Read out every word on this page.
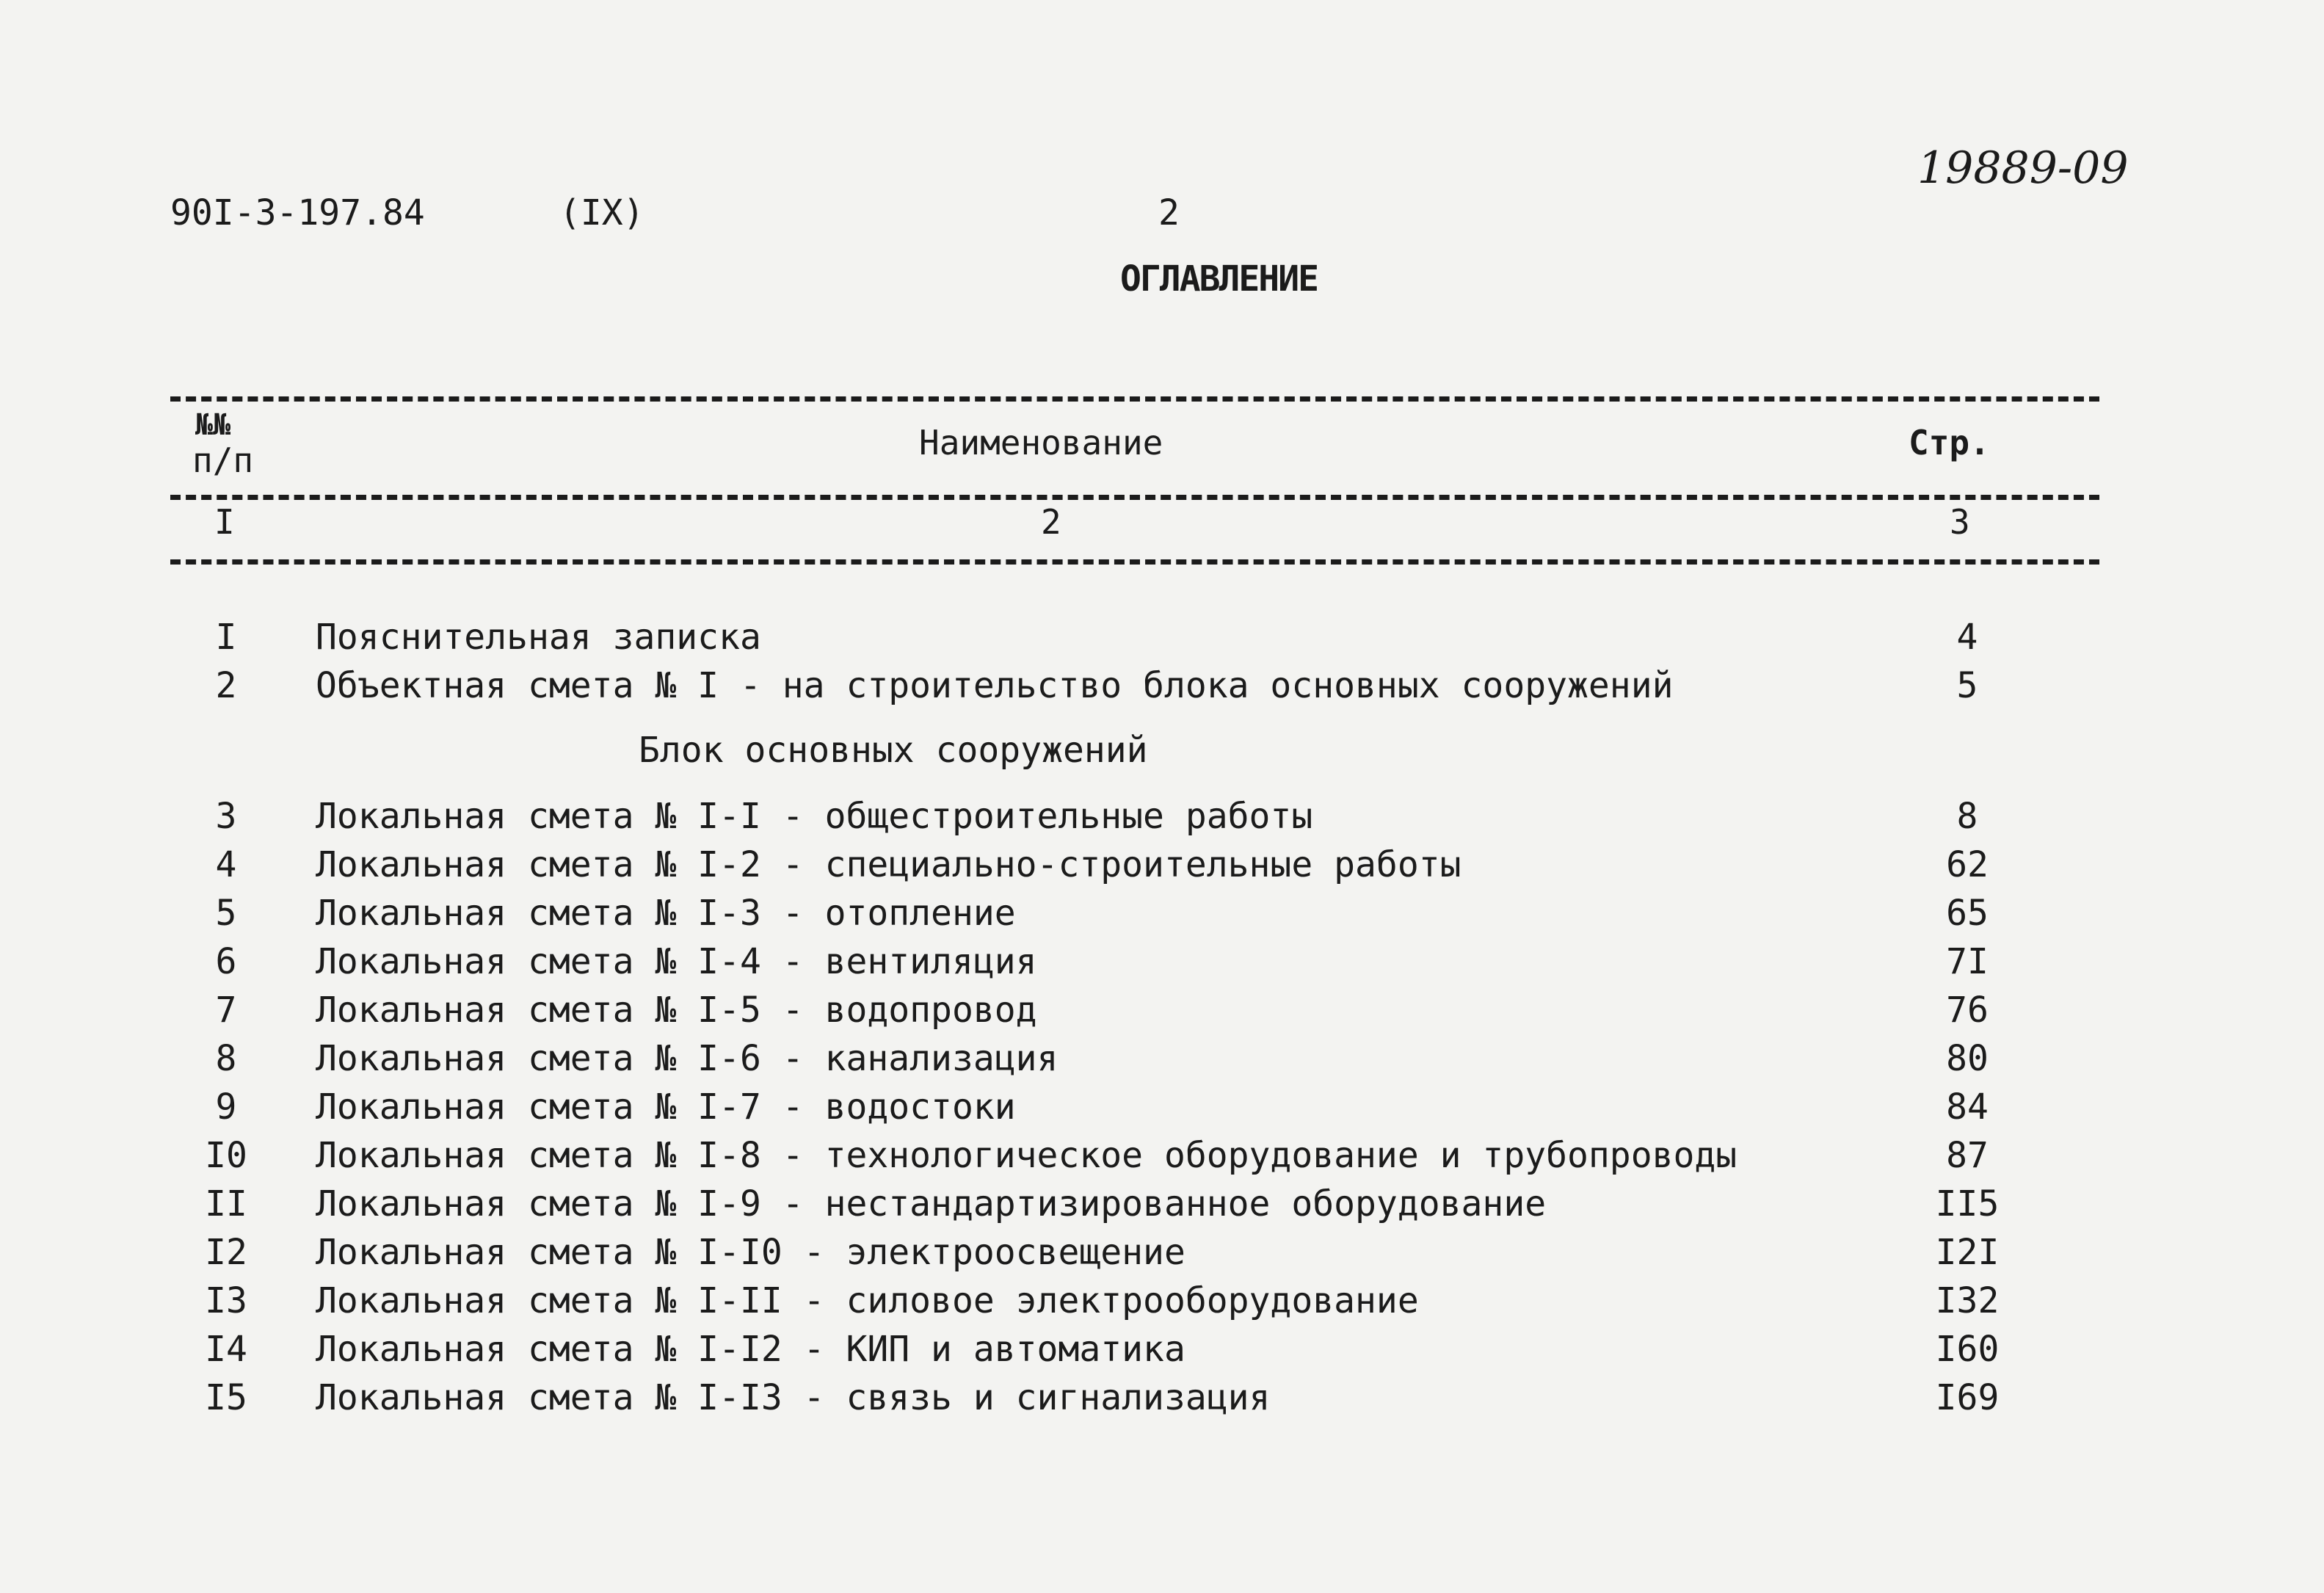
90I-3-197.84	(IX)	2
19889-09
ОГЛАВЛЕНИЕ
№№
п/п	Наименование	Стр.
I	2	3
I	Пояснительная записка	4
2	Объектная смета № I - на строительство блока основных сооружений	5
Блок основных сооружений
3	Локальная смета № I-I - общестроительные работы	8
4	Локальная смета № I-2 - специально-строительные работы	62
5	Локальная смета № I-3 - отопление	65
6	Локальная смета № I-4 - вентиляция	7I
7	Локальная смета № I-5 - водопровод	76
8	Локальная смета № I-6 - канализация	80
9	Локальная смета № I-7 - водостоки	84
I0	Локальная смета № I-8 - технологическое оборудование и трубопроводы	87
II	Локальная смета № I-9 - нестандартизированное оборудование	II5
I2	Локальная смета № I-I0 - электроосвещение	I2I
I3	Локальная смета № I-II - силовое электрооборудование	I32
I4	Локальная смета № I-I2 - КИП и автоматика	I60
I5	Локальная смета № I-I3 - связь и сигнализация	I69
